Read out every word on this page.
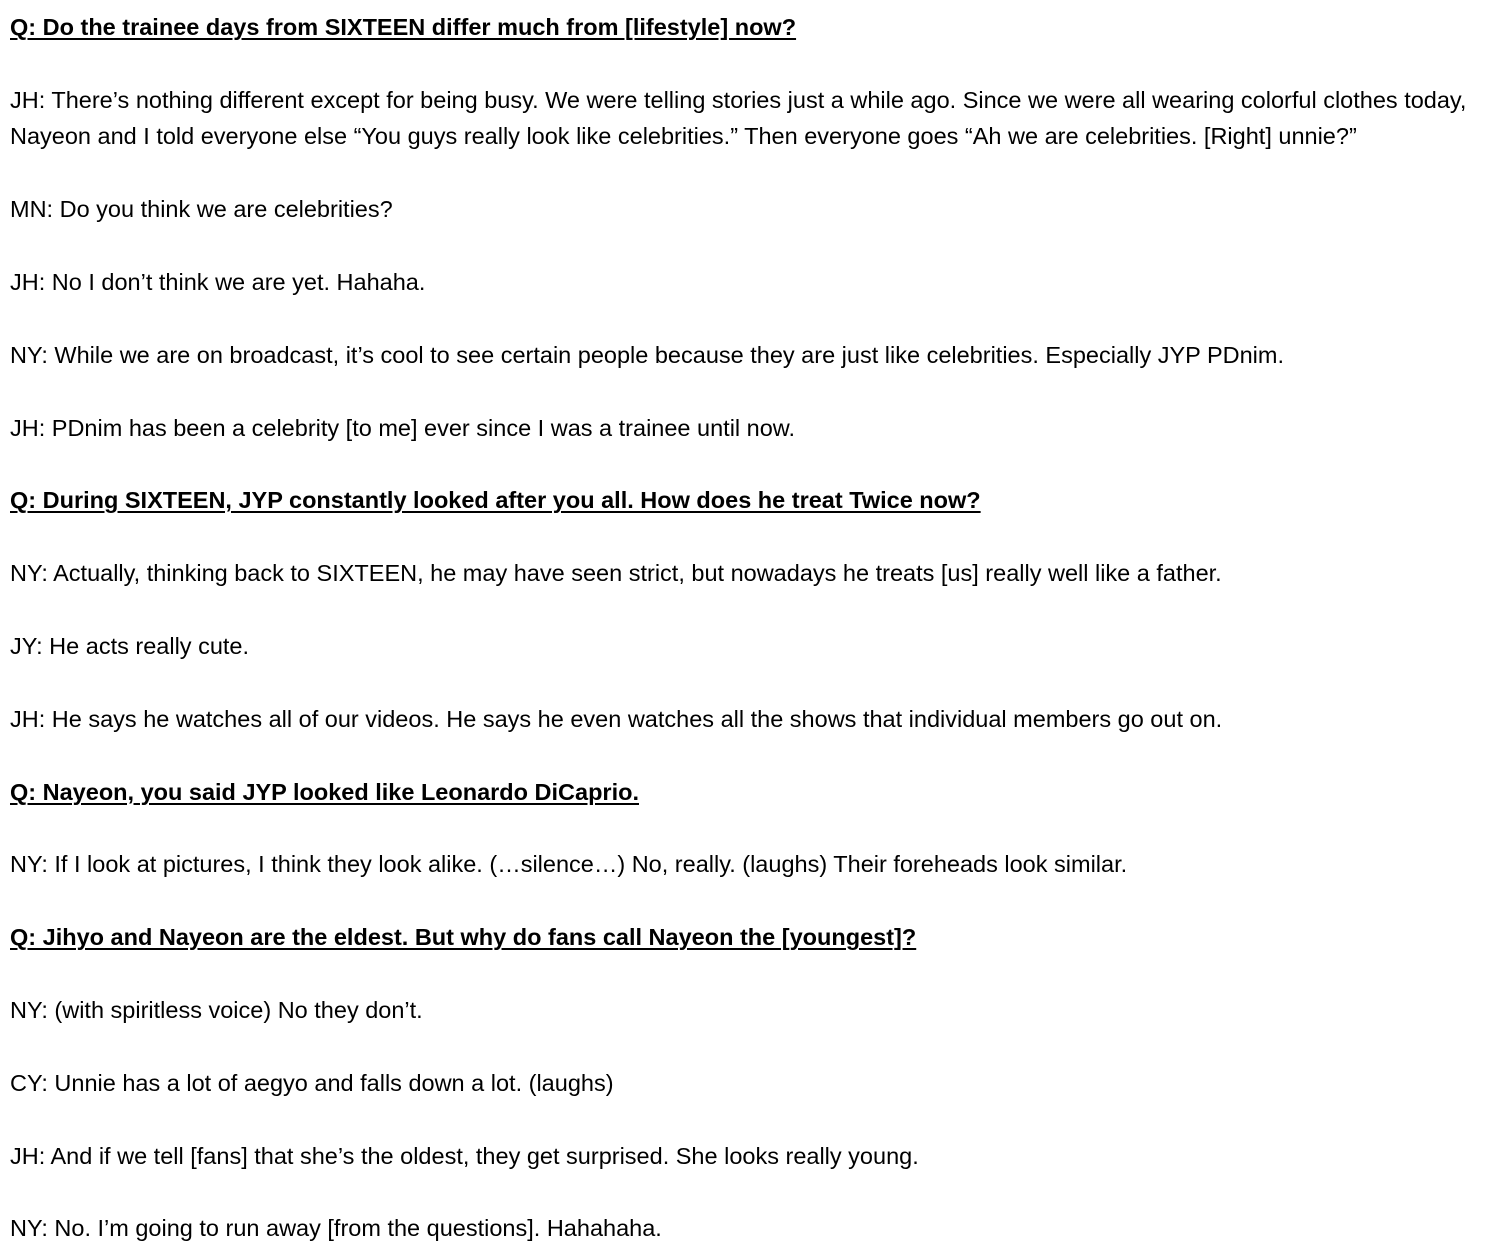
Q: Do the trainee days from SIXTEEN differ much from [lifestyle] now?
JH: There’s nothing different except for being busy. We were telling stories just a while ago. Since we were all wearing colorful clothes today,
Nayeon and I told everyone else “You guys really look like celebrities.” Then everyone goes “Ah we are celebrities. [Right] unnie?”
MN: Do you think we are celebrities?
JH: No I don’t think we are yet. Hahaha.
NY: While we are on broadcast, it’s cool to see certain people because they are just like celebrities. Especially JYP PDnim.
JH: PDnim has been a celebrity [to me] ever since I was a trainee until now.
Q: During SIXTEEN, JYP constantly looked after you all. How does he treat Twice now?
NY: Actually, thinking back to SIXTEEN, he may have seen strict, but nowadays he treats [us] really well like a father.
JY: He acts really cute.
JH: He says he watches all of our videos. He says he even watches all the shows that individual members go out on.
Q: Nayeon, you said JYP looked like Leonardo DiCaprio.
NY: If I look at pictures, I think they look alike. (…silence…) No, really. (laughs) Their foreheads look similar.
Q: Jihyo and Nayeon are the eldest. But why do fans call Nayeon the [youngest]?
NY: (with spiritless voice) No they don’t.
CY: Unnie has a lot of aegyo and falls down a lot. (laughs)
JH: And if we tell [fans] that she’s the oldest, they get surprised. She looks really young.
NY: No. I’m going to run away [from the questions]. Hahahaha.
